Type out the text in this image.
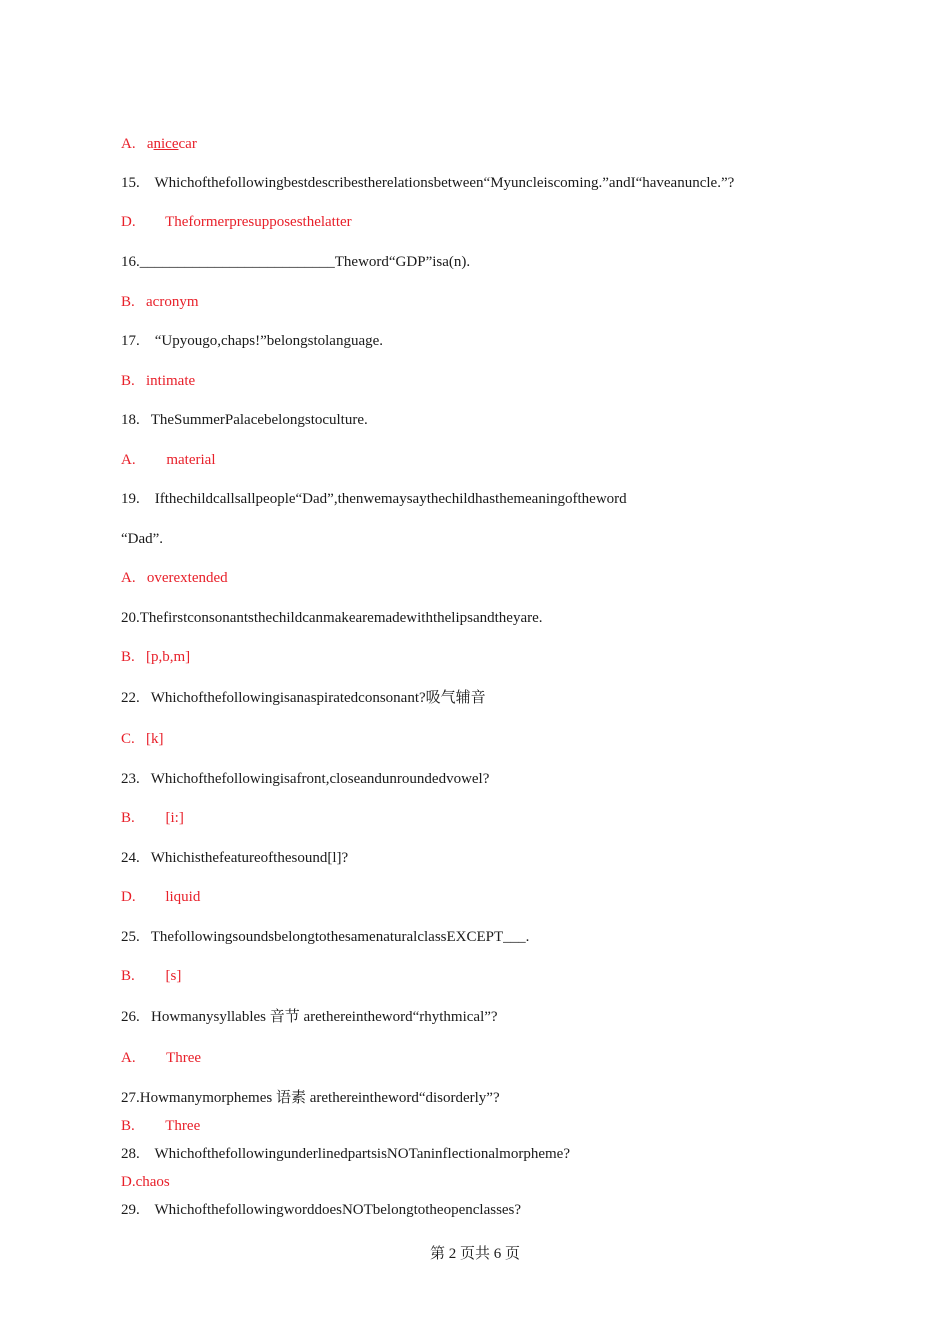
A. anicecar
15. Whichofthefollowingbestdescribestherelationsbetween“Myuncleiscoming.”andI“haveanuncle.”?
D. Theformerpresupposesthelatter
16.__________________________Theword“GDP”isa(n).
B. acronym
17. “Upyougo,chaps!”belongstolanguage.
B. intimate
18. TheSummerPalacebelongstoculture.
A. material
19. Ifthechildcallsallpeople“Dad”,thenwemaysaythechildhasthemeaningoftheword
“Dad”.
A. overextended
20.Thefirstconsonantsthechildcanmakearemadewiththelipsandtheyare.
B. [p,b,m]
22. Whichofthefollowingisanaspiratedconsonant?吸气辅音
C. [k]
23. Whichofthefollowingisafront,closeandunroundedvowel?
B. [i:]
24. Whichisthefeatureofthesound[l]?
D. liquid
25. ThefollowingsoundsbelongtothesamenaturalclassEXCEPT___.
B. [s]
26. Howmanysyllables 音节 arethereintheword“rhythmical”?
A. Three
27.Howmanymorphemes 语素 arethereintheword“disorderly”?
B. Three
28. WhichofthefollowingunderlinedpartsisNOTaninflectionalmorpheme?
D.chaos
29. WhichofthefollowingworddoesNOTbelongtotheopenclasses?
第 2 页共 6 页
